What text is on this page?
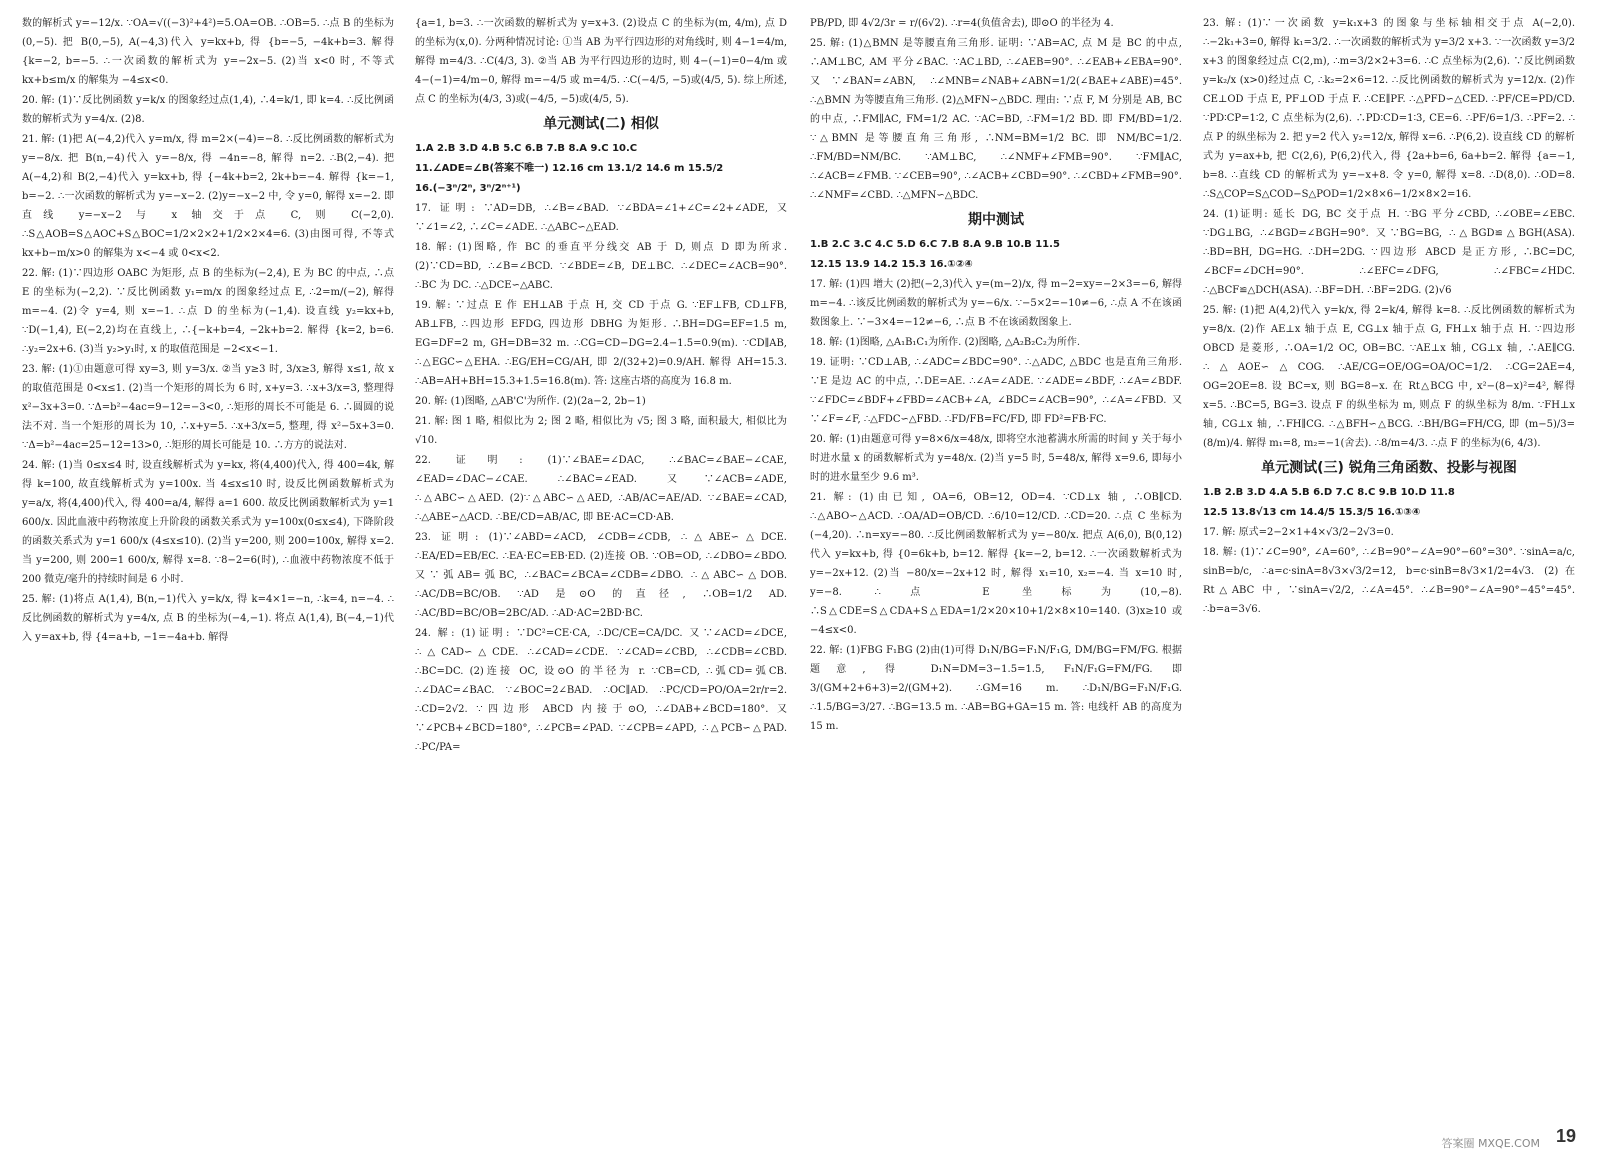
数的解析式 y=−12/x. ∵OA=√((−3)²+4²)=5.OA=OB. ∴OB=5. ∴点 B 的坐标为(0,−5). 把 B(0,−5), A(−4,3)代入 y=kx+b, 得 {b=−5, −4k+b=3. 解得 {k=−2, b=−5. ∴一次函数的解析式为 y=−2x−5. (2)当 x<0 时, 不等式 kx+b≤m/x 的解集为 −4≤x<0.

20. 解: (1)∵反比例函数 y=k/x 的图象经过点(1,4), ∴4=k/1, 即 k=4. ∴反比例函数的解析式为 y=4/x. (2)8.

21. 解: (1)把 A(−4,2)代入 y=m/x, 得 m=2×(−4)=−8. ∴反比例函数的解析式为 y=−8/x. 把 B(n,−4)代入 y=−8/x, 得 −4n=−8, 解得 n=2. ∴B(2,−4). 把 A(−4,2)和 B(2,−4)代入 y=kx+b, 得 {−4k+b=2, 2k+b=−4. 解得 {k=−1, b=−2. ∴一次函数的解析式为 y=−x−2. (2)y=−x−2 中, 令 y=0, 解得 x=−2. 即直线 y=−x−2 与 x 轴交于点 C, 则 C(−2,0). ∴S△AOB=S△AOC+S△BOC=1/2×2×2+1/2×2×4=6. (3)由图可得, 不等式 kx+b−m/x>0 的解集为 x<−4 或 0<x<2.

22. 解: (1)∵四边形 OABC 为矩形, 点 B 的坐标为(−2,4), E 为 BC 的中点, ∴点 E 的坐标为(−2,2). ∵反比例函数 y₁=m/x 的图象经过点 E, ∴2=m/(−2), 解得 m=−4. (2)令 y=4, 则 x=−1. ∴点 D 的坐标为(−1,4). 设直线 y₂=kx+b, ∵D(−1,4), E(−2,2)均在直线上, ∴{−k+b=4, −2k+b=2. 解得 {k=2, b=6. ∴y₂=2x+6. (3)当 y₂>y₁时, x 的取值范围是 −2<x<−1.

23. 解: (1)①由题意可得 xy=3, 则 y=3/x. ②当 y≥3 时, 3/x≥3, 解得 x≤1, 故 x 的取值范围是 0<x≤1. (2)当一个矩形的周长为 6 时, x+y=3. ∴x+3/x=3, 整理得 x²−3x+3=0. ∵Δ=b²−4ac=9−12=−3<0, ∴矩形的周长不可能是 6. ∴圆圆的说法不对. 当一个矩形的周长为 10, ∴x+y=5. ∴x+3/x=5, 整理, 得 x²−5x+3=0. ∵Δ=b²−4ac=25−12=13>0, ∴矩形的周长可能是 10. ∴方方的说法对.

24. 解: (1)当 0≤x≤4 时, 设直线解析式为 y=kx, 将(4,400)代入, 得 400=4k, 解得 k=100, 故直线解析式为 y=100x. 当 4≤x≤10 时, 设反比例函数解析式为 y=a/x, 将(4,400)代入, 得 400=a/4, 解得 a=1 600. 故反比例函数解析式为 y=1 600/x. 因此血液中药物浓度上升阶段的函数关系式为 y=100x(0≤x≤4), 下降阶段的函数关系式为 y=1 600/x (4≤x≤10). (2)当 y=200, 则 200=100x, 解得 x=2. 当 y=200, 则 200=1 600/x, 解得 x=8. ∵8−2=6(时), ∴血液中药物浓度不低于 200 微克/毫升的持续时间是 6 小时.

25. 解: (1)将点 A(1,4), B(n,−1)代入 y=k/x, 得 k=4×1=−n, ∴k=4, n=−4. ∴反比例函数的解析式为 y=4/x, 点 B 的坐标为(−4,−1). 将点 A(1,4), B(−4,−1)代入 y=ax+b, 得 {4=a+b, −1=−4a+b. 解得

{a=1, b=3. ∴一次函数的解析式为 y=x+3. (2)设点 C 的坐标为(m, 4/m), 点 D 的坐标为(x,0). 分两种情况讨论: ①当 AB 为平行四边形的对角线时, 则 4−1=4/m, 解得 m=4/3. ∴C(4/3, 3). ②当 AB 为平行四边形的边时, 则 4−(−1)=0−4/m 或 4−(−1)=4/m−0, 解得 m=−4/5 或 m=4/5. ∴C(−4/5, −5)或(4/5, 5). 综上所述, 点 C 的坐标为(4/3, 3)或(−4/5, −5)或(4/5, 5).

单元测试(二) 相似
1.A 2.B 3.D 4.B 5.C 6.B 7.B 8.A 9.C 10.C
11.∠ADE=∠B(答案不唯一) 12.16 cm 13.1/2 14.6 m 15.5/2
16.(−3ⁿ/2ⁿ, 3ⁿ/2ⁿ⁺¹)

17. 证明: ∵AD=DB, ∴∠B=∠BAD. ∵∠BDA=∠1+∠C=∠2+∠ADE, 又∵∠1=∠2, ∴∠C=∠ADE. ∴△ABC∽△EAD.

18. 解: (1)图略, 作 BC 的垂直平分线交 AB 于 D, 则点 D 即为所求. (2)∵CD=BD, ∴∠B=∠BCD. ∵∠BDE=∠B, DE⊥BC. ∴∠DEC=∠ACB=90°. ∴BC 为 DC. ∴△DCE∽△ABC.

19. 解: ∵过点 E 作 EH⊥AB 于点 H, 交 CD 于点 G. ∵EF⊥FB, CD⊥FB, AB⊥FB, ∴四边形 EFDG, 四边形 DBHG 为矩形. ∴BH=DG=EF=1.5 m, EG=DF=2 m, GH=DB=32 m. ∴CG=CD−DG=2.4−1.5=0.9(m). ∵CD∥AB, ∴△EGC∽△EHA. ∴EG/EH=CG/AH, 即 2/(32+2)=0.9/AH. 解得 AH=15.3. ∴AB=AH+BH=15.3+1.5=16.8(m). 答: 这座古塔的高度为 16.8 m.

20. 解: (1)图略, △AB'C'为所作. (2)(2a−2, 2b−1)

21. 解: 图 1 略, 相似比为 2; 图 2 略, 相似比为 √5; 图 3 略, 面积最大, 相似比为 √10.

22. 证明: (1)∵∠BAE=∠DAC, ∴∠BAC=∠BAE−∠CAE, ∠EAD=∠DAC−∠CAE. ∴∠BAC=∠EAD. 又∵∠ACB=∠ADE, ∴△ABC∽△AED. (2)∵△ABC∽△AED, ∴AB/AC=AE/AD. ∵∠BAE=∠CAD, ∴△ABE∽△ACD. ∴BE/CD=AB/AC, 即 BE·AC=CD·AB.

23. 证明: (1)∵∠ABD=∠ACD, ∠CDB=∠CDB, ∴△ABE∽△DCE. ∴EA/ED=EB/EC. ∴EA·EC=EB·ED. (2)连接 OB. ∵OB=OD, ∴∠DBO=∠BDO. 又∵弧AB=弧BC, ∴∠BAC=∠BCA=∠CDB=∠DBO. ∴△ABC∽△DOB. ∴AC/DB=BC/OB. ∵AD 是⊙O 的直径, ∴OB=1/2 AD. ∴AC/BD=BC/OB=2BC/AD. ∴AD·AC=2BD·BC.

24. 解: (1)证明: ∵DC²=CE·CA, ∴DC/CE=CA/DC. 又∵∠ACD=∠DCE, ∴△CAD∽△CDE. ∴∠CAD=∠CDE. ∵∠CAD=∠CBD, ∴∠CDB=∠CBD. ∴BC=DC. (2)连接 OC, 设⊙O 的半径为 r. ∵CB=CD, ∴弧CD=弧CB. ∴∠DAC=∠BAC. ∵∠BOC=2∠BAD. ∴OC∥AD. ∴PC/CD=PO/OA=2r/r=2. ∴CD=2√2. ∵四边形 ABCD 内接于⊙O, ∴∠DAB+∠BCD=180°. 又∵∠PCB+∠BCD=180°, ∴∠PCB=∠PAD. ∵∠CPB=∠APD, ∴△PCB∽△PAD. ∴PC/PA=

PB/PD, 即 4√2/3r = r/(6√2). ∴r=4(负值舍去), 即⊙O 的半径为 4.

25. 解: (1)△BMN 是等腰直角三角形. 证明: ∵AB=AC, 点 M 是 BC 的中点, ∴AM⊥BC, AM 平分∠BAC. ∵AC⊥BD, ∴∠AEB=90°. ∴∠EAB+∠EBA=90°. 又∵∠BAN=∠ABN, ∴∠MNB=∠NAB+∠ABN=1/2(∠BAE+∠ABE)=45°. ∴△BMN 为等腰直角三角形. (2)△MFN∽△BDC. 理由: ∵点 F, M 分别是 AB, BC 的中点, ∴FM∥AC, FM=1/2 AC. ∵AC=BD, ∴FM=1/2 BD. 即 FM/BD=1/2. ∵△BMN 是等腰直角三角形, ∴NM=BM=1/2 BC. 即 NM/BC=1/2. ∴FM/BD=NM/BC. ∵AM⊥BC, ∴∠NMF+∠FMB=90°. ∵FM∥AC, ∴∠ACB=∠FMB. ∵∠CEB=90°, ∴∠ACB+∠CBD=90°. ∴∠CBD+∠FMB=90°. ∴∠NMF=∠CBD. ∴△MFN∽△BDC.

期中测试
1.B 2.C 3.C 4.C 5.D 6.C 7.B 8.A 9.B 10.B 11.5
12.15 13.9 14.2 15.3 16.①②④

17. 解: (1)四 增大 (2)把(−2,3)代入 y=(m−2)/x, 得 m−2=xy=−2×3=−6, 解得 m=−4. ∴该反比例函数的解析式为 y=−6/x. ∵−5×2=−10≠−6, ∴点 A 不在该函数图象上. ∵−3×4=−12≠−6, ∴点 B 不在该函数图象上.

18. 解: (1)图略, △A₁B₁C₁为所作. (2)图略, △A₂B₂C₂为所作.

19. 证明: ∵CD⊥AB, ∴∠ADC=∠BDC=90°. ∴△ADC, △BDC 也是直角三角形. ∵E 是边 AC 的中点, ∴DE=AE. ∴∠A=∠ADE. ∵∠ADE=∠BDF, ∴∠A=∠BDF. ∵∠FDC=∠BDF+∠FBD=∠ACB+∠A, ∠BDC=∠ACB=90°, ∴∠A=∠FBD. 又∵∠F=∠F, ∴△FDC∽△FBD. ∴FD/FB=FC/FD, 即 FD²=FB·FC.

20. 解: (1)由题意可得 y=8×6/x=48/x, 即将空水池蓄满水所需的时间 y 关于每小时进水量 x 的函数解析式为 y=48/x. (2)当 y=5 时, 5=48/x, 解得 x=9.6, 即每小时的进水量至少 9.6 m³.

21. 解: (1)由已知, OA=6, OB=12, OD=4. ∵CD⊥x 轴, ∴OB∥CD. ∴△ABO∽△ACD. ∴OA/AD=OB/CD. ∴6/10=12/CD. ∴CD=20. ∴点 C 坐标为(−4,20). ∴n=xy=−80. ∴反比例函数解析式为 y=−80/x. 把点 A(6,0), B(0,12)代入 y=kx+b, 得 {0=6k+b, b=12. 解得 {k=−2, b=12. ∴一次函数解析式为 y=−2x+12. (2)当 −80/x=−2x+12 时, 解得 x₁=10, x₂=−4. 当 x=10 时, y=−8. ∴点 E 坐标为(10,−8). ∴S△CDE=S△CDA+S△EDA=1/2×20×10+1/2×8×10=140. (3)x≥10 或 −4≤x<0.

22. 解: (1)FBG F₁BG (2)由(1)可得 D₁N/BG=F₁N/F₁G, DM/BG=FM/FG. 根据题意, 得 D₁N=DM=3−1.5=1.5, F₁N/F₁G=FM/FG. 即 3/(GM+2+6+3)=2/(GM+2). ∴GM=16 m. ∴D₁N/BG=F₁N/F₁G. ∴1.5/BG=3/27. ∴BG=13.5 m. ∴AB=BG+GA=15 m. 答: 电线杆 AB 的高度为 15 m.

23. 解: (1)∵一次函数 y=k₁x+3 的图象与坐标轴相交于点 A(−2,0). ∴−2k₁+3=0, 解得 k₁=3/2. ∴一次函数的解析式为 y=3/2 x+3. ∵一次函数 y=3/2 x+3 的图象经过点 C(2,m), ∴m=3/2×2+3=6. ∴C 点坐标为(2,6). ∵反比例函数 y=k₂/x (x>0)经过点 C, ∴k₂=2×6=12. ∴反比例函数的解析式为 y=12/x. (2)作 CE⊥OD 于点 E, PF⊥OD 于点 F. ∴CE∥PF. ∴△PFD∽△CED. ∴PF/CE=PD/CD. ∵PD∶CP=1∶2, C 点坐标为(2,6). ∴PD∶CD=1∶3, CE=6. ∴PF/6=1/3. ∴PF=2. ∴点 P 的纵坐标为 2. 把 y=2 代入 y₂=12/x, 解得 x=6. ∴P(6,2). 设直线 CD 的解析式为 y=ax+b, 把 C(2,6), P(6,2)代入, 得 {2a+b=6, 6a+b=2. 解得 {a=−1, b=8. ∴直线 CD 的解析式为 y=−x+8. 令 y=0, 解得 x=8. ∴D(8,0). ∴OD=8. ∴S△COP=S△COD−S△POD=1/2×8×6−1/2×8×2=16.

24. (1)证明: 延长 DG, BC 交于点 H. ∵BG 平分∠CBD, ∴∠OBE=∠EBC. ∵DG⊥BG, ∴∠BGD=∠BGH=90°. 又∵BG=BG, ∴△BGD≌△BGH(ASA). ∴BD=BH, DG=HG. ∴DH=2DG. ∵四边形 ABCD 是正方形, ∴BC=DC, ∠BCF=∠DCH=90°. ∴∠EFC=∠DFG, ∴∠FBC=∠HDC. ∴△BCF≌△DCH(ASA). ∴BF=DH. ∴BF=2DG. (2)√6

25. 解: (1)把 A(4,2)代入 y=k/x, 得 2=k/4, 解得 k=8. ∴反比例函数的解析式为 y=8/x. (2)作 AE⊥x 轴于点 E, CG⊥x 轴于点 G, FH⊥x 轴于点 H. ∵四边形 OBCD 是菱形, ∴OA=1/2 OC, OB=BC. ∵AE⊥x 轴, CG⊥x 轴, ∴AE∥CG. ∴△AOE∽△COG. ∴AE/CG=OE/OG=OA/OC=1/2. ∴CG=2AE=4, OG=2OE=8. 设 BC=x, 则 BG=8−x. 在 Rt△BCG 中, x²−(8−x)²=4², 解得 x=5. ∴BC=5, BG=3. 设点 F 的纵坐标为 m, 则点 F 的纵坐标为 8/m. ∵FH⊥x 轴, CG⊥x 轴, ∴FH∥CG. ∴△BFH∽△BCG. ∴BH/BG=FH/CG, 即 (m−5)/3=(8/m)/4. 解得 m₁=8, m₂=−1(舍去). ∴8/m=4/3. ∴点 F 的坐标为(6, 4/3).

单元测试(三) 锐角三角函数、投影与视图
1.B 2.B 3.D 4.A 5.B 6.D 7.C 8.C 9.B 10.D 11.8
12.5 13.8√13 cm 14.4/5 15.3/5 16.①③④

17. 解: 原式=2−2×1+4×√3/2−2√3=0.

18. 解: (1)∵∠C=90°, ∠A=60°, ∴∠B=90°−∠A=90°−60°=30°. ∵sinA=a/c, sinB=b/c, ∴a=c·sinA=8√3×√3/2=12, b=c·sinB=8√3×1/2=4√3. (2)在 Rt△ABC 中, ∵sinA=√2/2, ∴∠A=45°. ∴∠B=90°−∠A=90°−45°=45°. ∴b=a=3√6.

答案圈 MXQE.COM 19
